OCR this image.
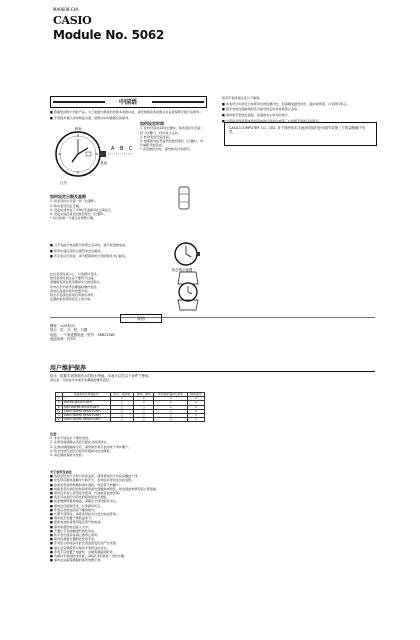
MA0608-CkA
CASIO
Module No. 5062
中国语
■ 感谢您选购卡西欧产品。为了能最大限度的发挥本表的功能，请仔细阅读本说明书并妥善保管以备日后参考。
■ 手表的外观以实际物品为准，说明书中的插图仅供参考。
A B C
秒针
表冠
日历
如何设定时间
1. 在秒针指向12时位置时，将表冠拉出至第二档（位置C），秒针停止走动。
2. 转动表冠设定时间。
3. 按照报时信号将表冠按回原位（位置A），秒针重新开始走动。
• 表冠被拉出时，请勿转动以免损坏。
如何设定日期及星期
1. 将表冠拉出至第一档（位置B）。
2. 转动表冠设定日期。
3. 设定时请勿在下午9时至凌晨1时之间进行。
4. 设定完成后将表冠按回原位（位置A）。
• 每月的第一天请注意调整日期。
■ 当手表由于电池耗尽而停止走动时，请尽快更换电池。
■ 使用中请注意防止强烈冲击及磁场。
■ 若手表运行异常，请与经销商或卡西欧服务中心联系。
机芯的示意图
拉出表冠时请小心，以免损坏表冠。
按回表冠时请注意不要用力过猛。
请确保表冠在使用期间完全按回原位。
切勿在水中或手表潮湿时操作表冠。
请勿在高温的场所放置手表。
防水手表请在使用后用清水冲洗。
定期检查表带和表壳上的污垢。
使用手表时请注意以下事项。
■ 本表设计可承受日常使用中的轻微冲击，但请避免剧烈冲击、振动或摔落，以免损坏机芯。
■ 将手表放在强磁场附近可能导致走时误差或停止走动。
■ 请勿将手表放在高温、高湿或灰尘较多的地方。
■ 卡西欧对因使用本表而造成的任何损失或第三方索赔不承担任何责任。
CASIO COMPUTER CO., LTD. 对于因使用本手表而导致的任何损失或第三方的索赔概不负责。
规格
精度：±20秒/月
显示：时、分、秒，日期
电池：一个氧化银电池（型号：SR621SW）
电池寿命：约3年
用户维护保养
防水：根据手表背面所示的防水等级，本表可以在以下条件下使用。
请注意：切勿在水中或手表潮湿时操作表冠。
	表盘或表壳背面标志	洗手、雨水等	游泳、潜水	使用潜水器进行潜水	饱和潜水
I	—	×	×	×	×
II	WATER RESIST(ANT)	○	×	×	×
III	50M WATER RESIST(ANT)	○	○	×	×
IV	100M WATER RESIST(ANT)	○	○	○	×
V	200M WATER RESIST(ANT)	○	○	○	×
VI	300M WATER RESIST(ANT)	○	○	○	○
注意：
1. 本表不能在水下操作表冠。
2. 在使用前请确认表冠已经完全按回原位。
3. 在游泳或接触海水后，请用淡水将手表冲洗干净并擦干。
4. 防水性能可能因为使用年限或冲击而降低。
5. 请定期检查防水性能。
关于表带及表壳
■ 表带会因为汗水和污垢而变质，请用柔软的干布将其擦拭干净。
■ 皮表带应避免接触水分和汗水，否则可能导致变色和变形。
■ 金属表带请用软刷和清水清洗，然后用干布擦干。
■ 树脂表带可能因长时间使用而出现磨损或断裂，如发现此类情况请立即更换。
■ 请勿在手表上使用化学溶剂、汽油或其他清洁剂。
■ 表壳可能会因为阳光的照射而发生褪色。
■ 如需维修或更换电池，请联系卡西欧服务中心。
■ 请勿自行拆卸手表，以免损坏机芯。
■ 手表应存放在阴凉干燥的地方。
■ 长期不使用时，请将表冠拉出以延长电池寿命。
■ 请勿将手表置于极低温度下。
■ 更换电池时请使用指定型号的电池。
■ 请勿将废旧电池投入火中。
■ 不要让手表接触强烈的化学品。
■ 如手表出现异常请立即停止使用。
■ 请勿在测量仪器附近使用手表。
■ 手表显示的时间可能会因温度变化而产生误差。
■ 请注意定期保养以保持手表的良好状态。
■ 手表不应放置于电视机、音响等强磁场附近。
■ 为保持手表的防水性能，请每2-3年更换一次防水圈。
■ 请勿在浴室等潮湿的场所放置手表。
